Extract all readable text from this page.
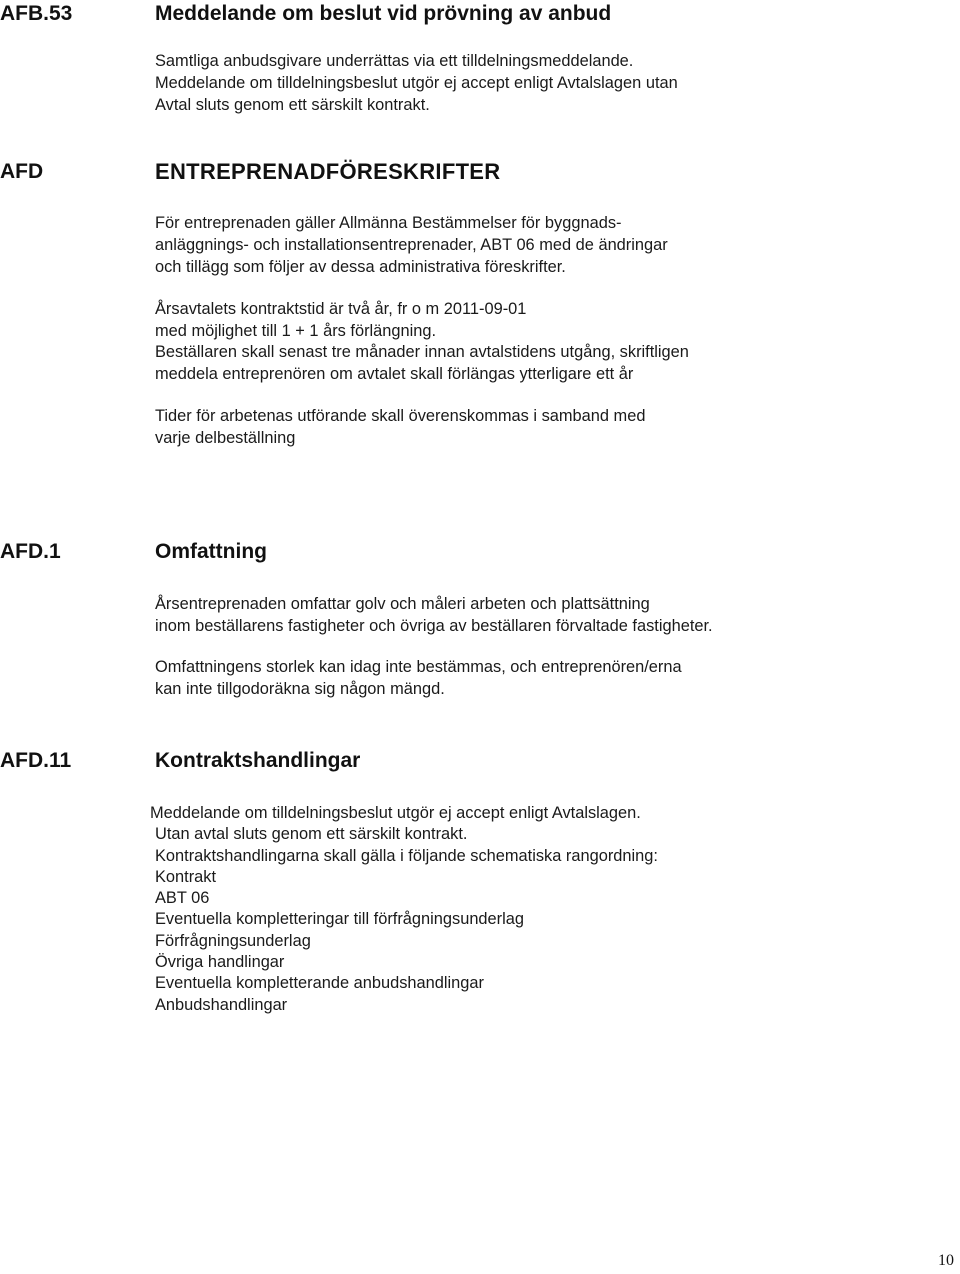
AFB.53	Meddelande om beslut vid prövning av anbud
Samtliga anbudsgivare underrättas via ett tilldelningsmeddelande.
Meddelande om tilldelningsbeslut utgör ej accept enligt Avtalslagen utan
Avtal sluts genom ett särskilt kontrakt.
AFD	ENTREPRENADFÖRESKRIFTER
För entreprenaden gäller Allmänna Bestämmelser för byggnads-
anläggnings- och installationsentreprenader, ABT 06 med de ändringar
och tillägg som följer av dessa administrativa föreskrifter.
Årsavtalets kontraktstid är två år, fr o m 2011-09-01
med möjlighet till 1 + 1 års förlängning.
Beställaren skall senast tre månader innan avtalstidens utgång, skriftligen
meddela entreprenören om avtalet skall förlängas ytterligare ett år
Tider för arbetenas utförande skall överenskommas i samband med
varje delbeställning
AFD.1	Omfattning
Årsentreprenaden omfattar golv och måleri arbeten och plattsättning
inom beställarens fastigheter och övriga av beställaren förvaltade fastigheter.
Omfattningens storlek kan idag inte bestämmas, och entreprenören/erna
kan inte tillgodoräkna sig någon mängd.
AFD.11	Kontraktshandlingar
Meddelande om tilldelningsbeslut utgör ej accept enligt Avtalslagen.
Utan avtal sluts genom ett särskilt kontrakt.
Kontraktshandlingarna skall gälla i följande schematiska rangordning:
Kontrakt
ABT 06
Eventuella kompletteringar till förfrågningsunderlag
Förfrågningsunderlag
Övriga handlingar
Eventuella kompletterande anbudshandlingar
Anbudshandlingar
10
